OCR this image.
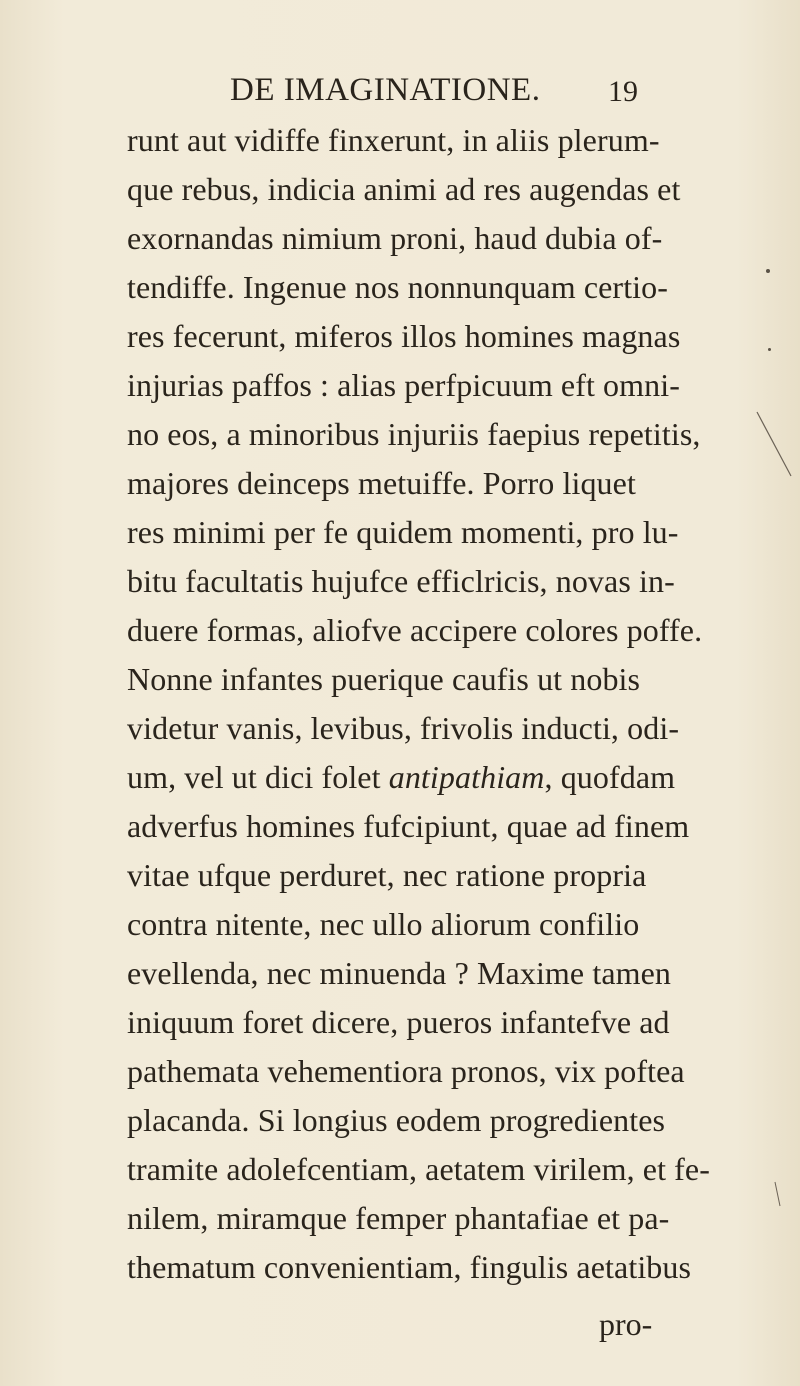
DE IMAGINATIONE. 19
runt aut vidiffe finxerunt, in aliis plerum-
que rebus, indicia animi ad res augendas et
exornandas nimium proni, haud dubia of-
tendiffe. Ingenue nos nonnunquam certio-
res fecerunt, miferos illos homines magnas
injurias paffos : alias perfpicuum eft omni-
no eos, a minoribus injuriis faepius repetitis,
majores deinceps metuiffe. Porro liquet
res minimi per fe quidem momenti, pro lu-
bitu facultatis hujufce efficlricis, novas in-
duere formas, aliofve accipere colores poffe.
Nonne infantes puerique caufis ut nobis
videtur vanis, levibus, frivolis inducti, odi-
um, vel ut dici folet antipathiam, quofdam
adverfus homines fufcipiunt, quae ad finem
vitae ufque perduret, nec ratione propria
contra nitente, nec ullo aliorum confilio
evellenda, nec minuenda ? Maxime tamen
iniquum foret dicere, pueros infantefve ad
pathemata vehementiora pronos, vix poftea
placanda. Si longius eodem progredientes
tramite adolefcentiam, aetatem virilem, et fe-
nilem, miramque femper phantafiae et pa-
thematum convenientiam, fingulis aetatibus
pro-
